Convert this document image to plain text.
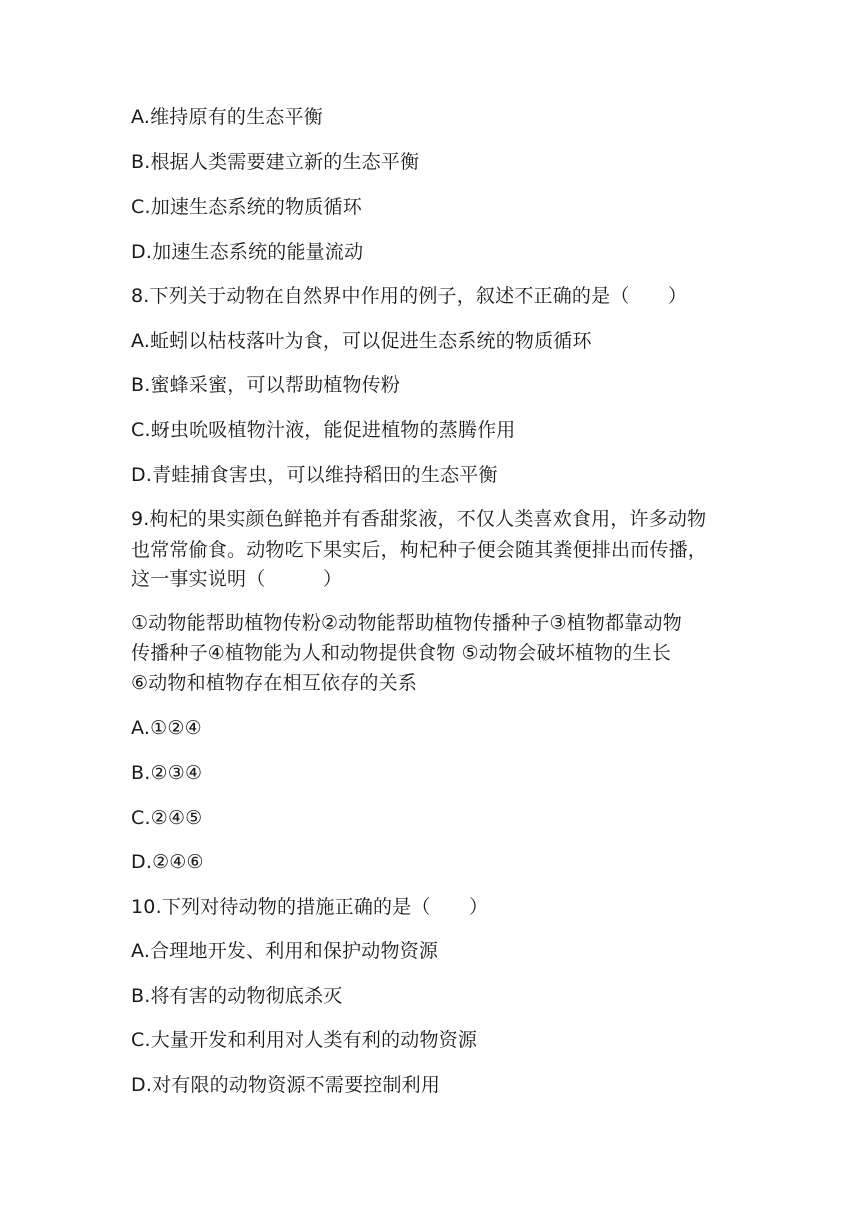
A.维持原有的生态平衡
B.根据人类需要建立新的生态平衡
C.加速生态系统的物质循环
D.加速生态系统的能量流动
8.下列关于动物在自然界中作用的例子，叙述不正确的是（　　）
A.蚯蚓以枯枝落叶为食，可以促进生态系统的物质循环
B.蜜蜂采蜜，可以帮助植物传粉
C.蚜虫吮吸植物汁液，能促进植物的蒸腾作用
D.青蛙捕食害虫，可以维持稻田的生态平衡
9.枸杞的果实颜色鲜艳并有香甜浆液，不仅人类喜欢食用，许多动物
也常常偷食。动物吃下果实后，枸杞种子便会随其粪便排出而传播，
这一事实说明（　　　）
①动物能帮助植物传粉②动物能帮助植物传播种子③植物都靠动物
传播种子④植物能为人和动物提供食物 ⑤动物会破坏植物的生长
⑥动物和植物存在相互依存的关系
A.①②④
B.②③④
C.②④⑤
D.②④⑥
10.下列对待动物的措施正确的是（　　）
A.合理地开发、利用和保护动物资源
B.将有害的动物彻底杀灭
C.大量开发和利用对人类有利的动物资源
D.对有限的动物资源不需要控制利用
